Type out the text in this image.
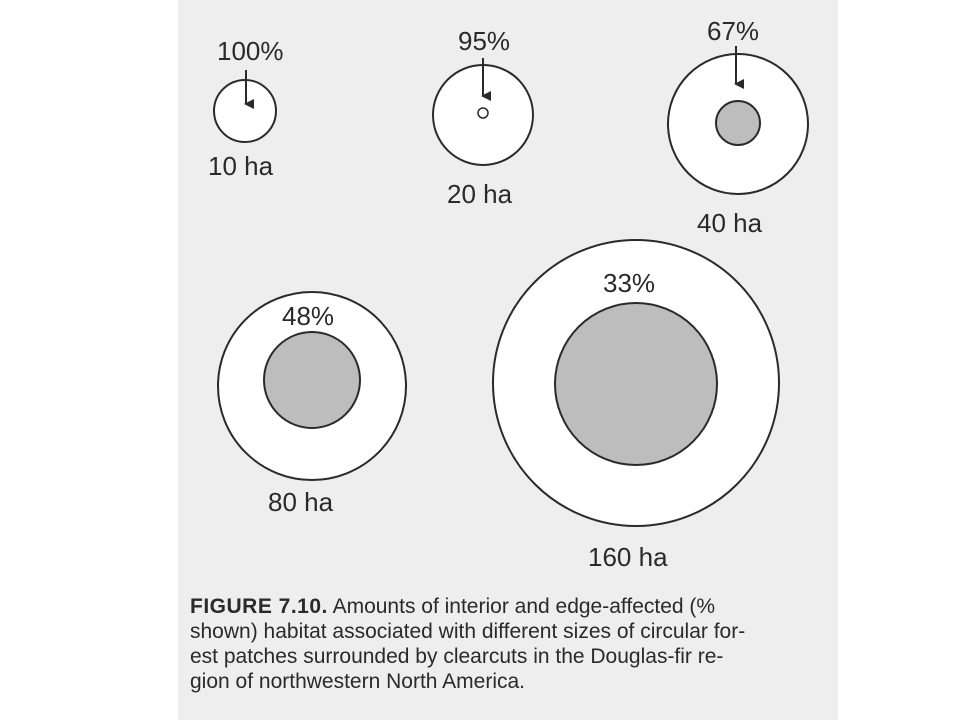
100%
10 ha
95%
20 ha
67%
40 ha
48%
80 ha
33%
160 ha

FIGURE 7.10. Amounts of interior and edge-affected (%
shown) habitat associated with different sizes of circular for-
est patches surrounded by clearcuts in the Douglas-fir re-
gion of northwestern North America.
